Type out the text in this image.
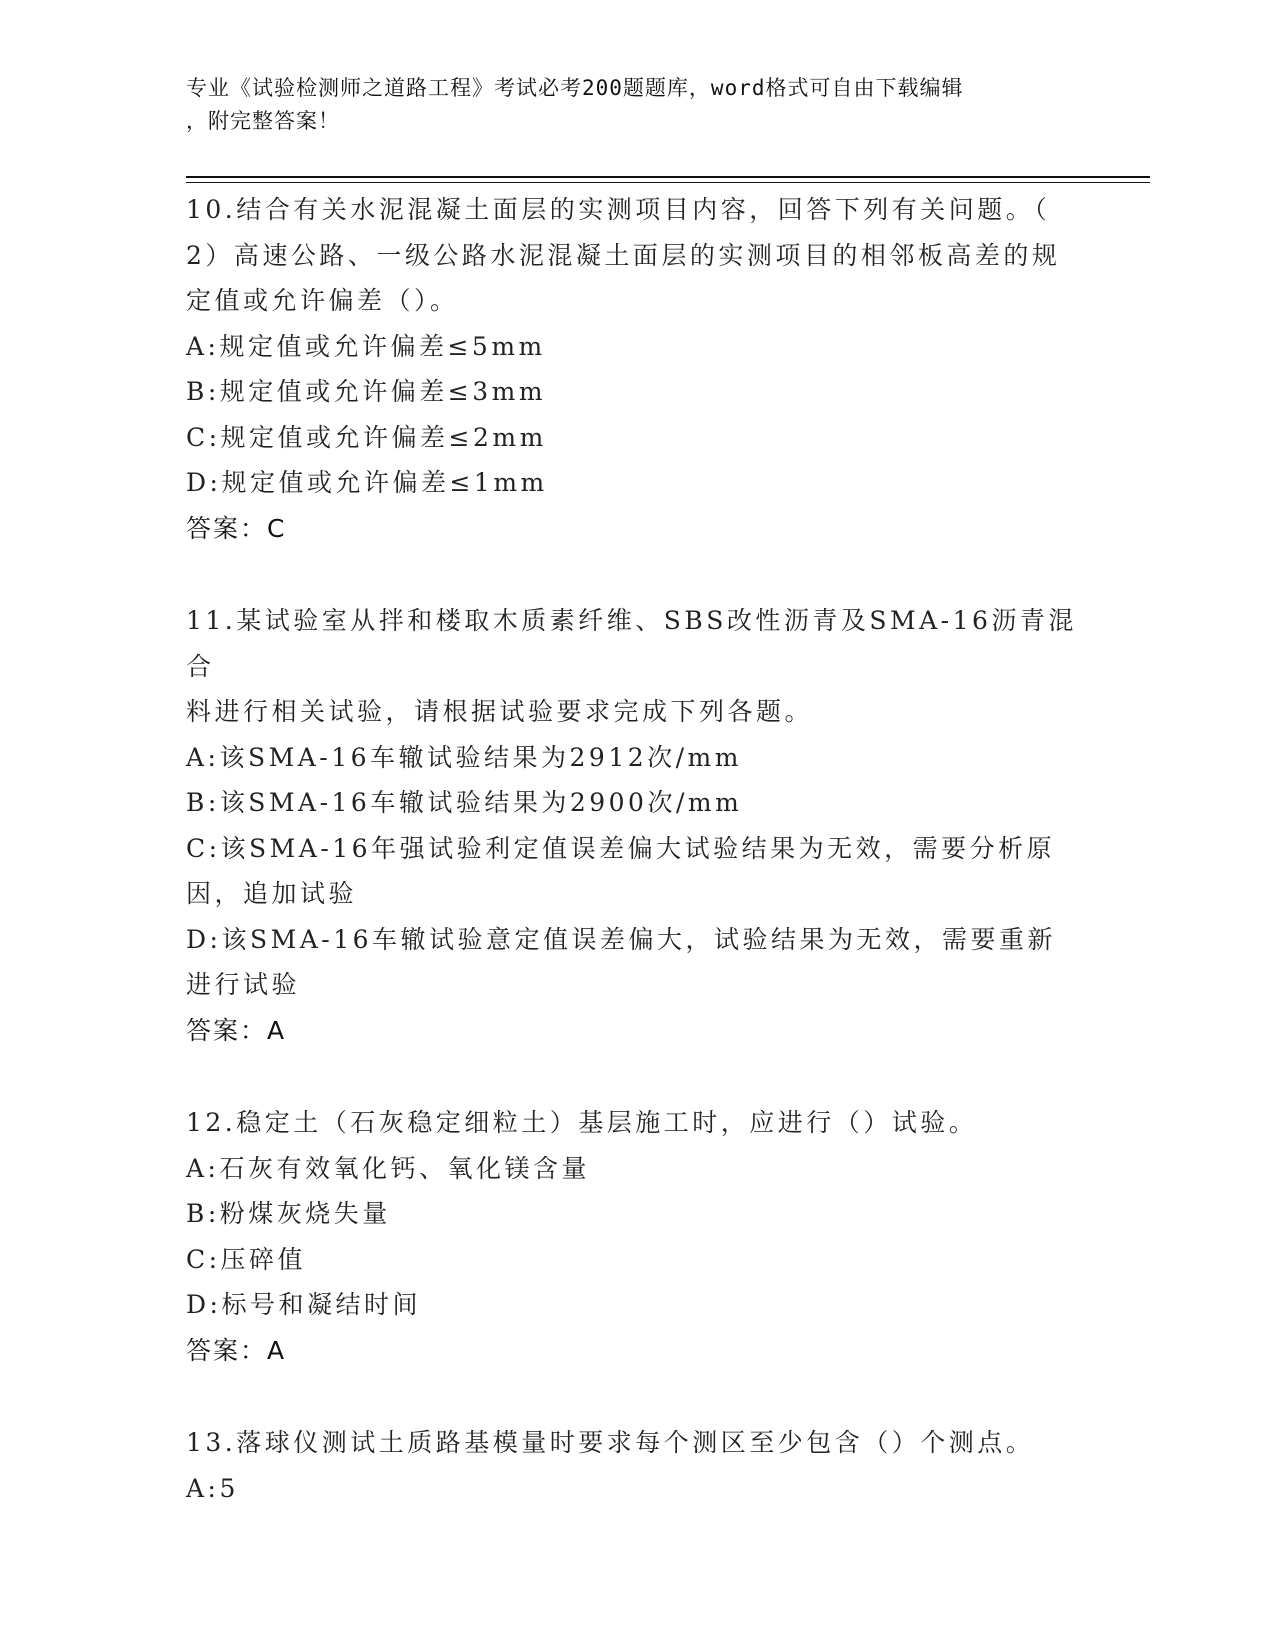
专业《试验检测师之道路工程》考试必考200题题库，word格式可自由下载编辑
，附完整答案！

10.结合有关水泥混凝土面层的实测项目内容，回答下列有关问题。（

2）高速公路、一级公路水泥混凝土面层的实测项目的相邻板高差的规

定值或允许偏差（）。

A:规定值或允许偏差≤5mm

B:规定值或允许偏差≤3mm

C:规定值或允许偏差≤2mm

D:规定值或允许偏差≤1mm

答案：C

11.某试验室从拌和楼取木质素纤维、SBS改性沥青及SMA-16沥青混合

料进行相关试验，请根据试验要求完成下列各题。

A:该SMA-16车辙试验结果为2912次/mm

B:该SMA-16车辙试验结果为2900次/mm

C:该SMA-16年强试验利定值误差偏大试验结果为无效，需要分析原

因，追加试验

D:该SMA-16车辙试验意定值误差偏大，试验结果为无效，需要重新

进行试验

答案：A

12.稳定土（石灰稳定细粒土）基层施工时，应进行（）试验。

A:石灰有效氧化钙、氧化镁含量

B:粉煤灰烧失量

C:压碎值

D:标号和凝结时间

答案：A

13.落球仪测试土质路基模量时要求每个测区至少包含（）个测点。

A:5
